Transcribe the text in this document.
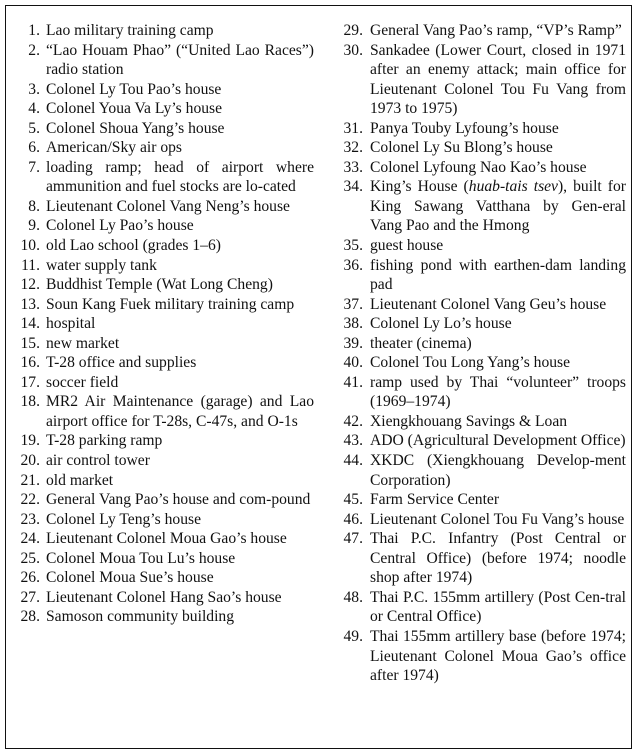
1. Lao military training camp
2. “Lao Houam Phao” (“United Lao Races”) radio station
3. Colonel Ly Tou Pao’s house
4. Colonel Youa Va Ly’s house
5. Colonel Shoua Yang’s house
6. American/Sky air ops
7. loading ramp; head of airport where ammunition and fuel stocks are lo-cated
8. Lieutenant Colonel Vang Neng’s house
9. Colonel Ly Pao’s house
10. old Lao school (grades 1–6)
11. water supply tank
12. Buddhist Temple (Wat Long Cheng)
13. Soun Kang Fuek military training camp
14. hospital
15. new market
16. T-28 office and supplies
17. soccer field
18. MR2 Air Maintenance (garage) and Lao airport office for T-28s, C-47s, and O-1s
19. T-28 parking ramp
20. air control tower
21. old market
22. General Vang Pao’s house and com-pound
23. Colonel Ly Teng’s house
24. Lieutenant Colonel Moua Gao’s house
25. Colonel Moua Tou Lu’s house
26. Colonel Moua Sue’s house
27. Lieutenant Colonel Hang Sao’s house
28. Samoson community building
29. General Vang Pao’s ramp, “VP’s Ramp”
30. Sankadee (Lower Court, closed in 1971 after an enemy attack; main office for Lieutenant Colonel Tou Fu Vang from 1973 to 1975)
31. Panya Touby Lyfoung’s house
32. Colonel Ly Su Blong’s house
33. Colonel Lyfoung Nao Kao’s house
34. King’s House (huab-tais tsev), built for King Sawang Vatthana by Gen-eral Vang Pao and the Hmong
35. guest house
36. fishing pond with earthen-dam landing pad
37. Lieutenant Colonel Vang Geu’s house
38. Colonel Ly Lo’s house
39. theater (cinema)
40. Colonel Tou Long Yang’s house
41. ramp used by Thai “volunteer” troops (1969–1974)
42. Xiengkhouang Savings & Loan
43. ADO (Agricultural Development Office)
44. XKDC (Xiengkhouang Develop-ment Corporation)
45. Farm Service Center
46. Lieutenant Colonel Tou Fu Vang’s house
47. Thai P.C. Infantry (Post Central or Central Office) (before 1974; noodle shop after 1974)
48. Thai P.C. 155mm artillery (Post Cen-tral or Central Office)
49. Thai 155mm artillery base (before 1974; Lieutenant Colonel Moua Gao’s office after 1974)
